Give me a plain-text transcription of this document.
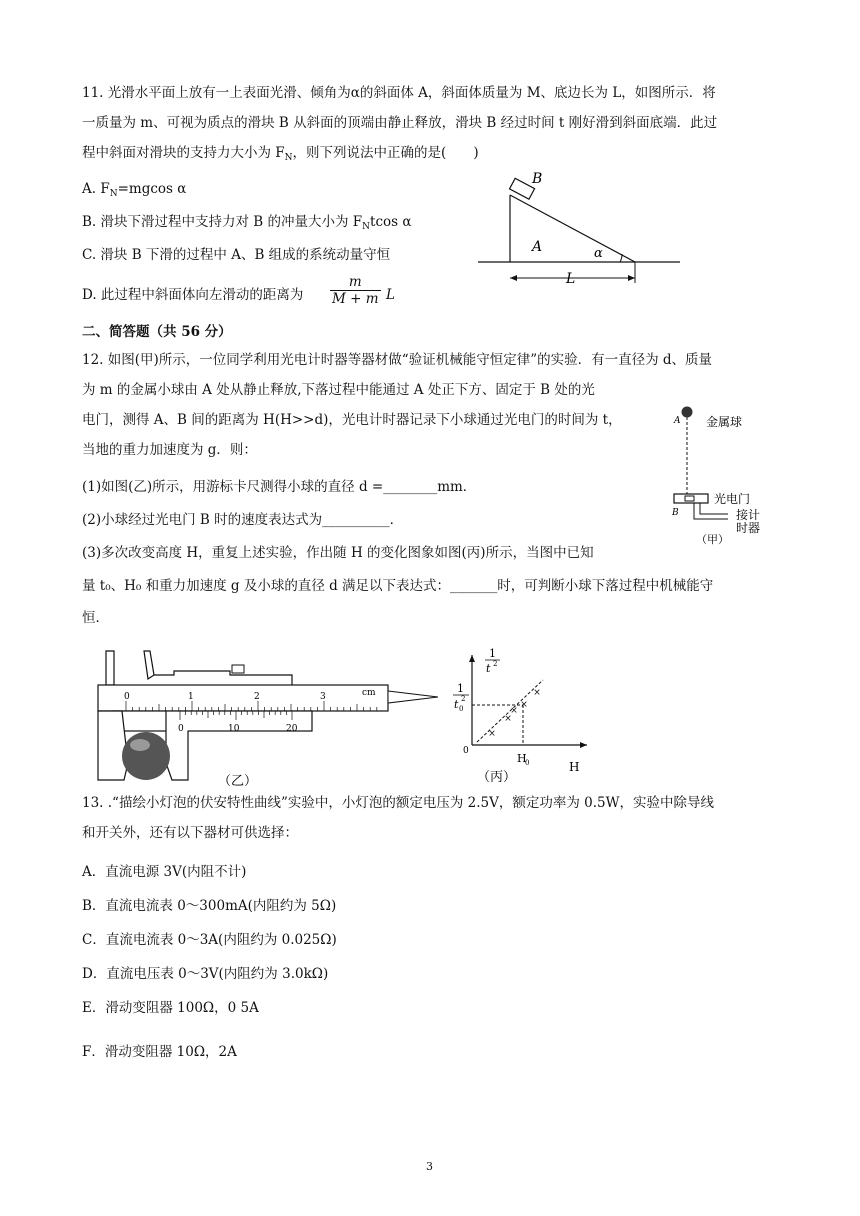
11. 光滑水平面上放有一上表面光滑、倾角为α的斜面体 A，斜面体质量为 M、底边长为 L，如图所示．将
一质量为 m、可视为质点的滑块 B 从斜面的顶端由静止释放，滑块 B 经过时间 t 刚好滑到斜面底端．此过
程中斜面对滑块的支持力大小为 $F_N$，则下列说法中正确的是(　　)
A. $F_N=mgcos$ α
B. 滑块下滑过程中支持力对 B 的冲量大小为 $F_Ntcos$ α
C. 滑块 B 下滑的过程中 A、B 组成的系统动量守恒
D. 此过程中斜面体向左滑动的距离为 $\frac{m}{M + m}$ L
B
A	α
L
二、简答题（共 56 分）
12. 如图(甲)所示，一位同学利用光电计时器等器材做“验证机械能守恒定律”的实验．有一直径为 d、质量
为 m 的金属小球由 A 处从静止释放,下落过程中能通过 A 处正下方、固定于 B 处的光
电门，测得 A、B 间的距离为 H(H>>d)，光电计时器记录下小球通过光电门的时间为 t，
当地的重力加速度为 g．则：
(1)如图(乙)所示，用游标卡尺测得小球的直径 d =________mm．
(2)小球经过光电门 B 时的速度表达式为__________．
(3)多次改变高度 H，重复上述实验，作出随 H 的变化图象如图(丙)所示，当图中已知
量 t₀、H₀ 和重力加速度 g 及小球的直径 d 满足以下表达式：_______时，可判断小球下落过程中机械能守
恒．
A 金属球
光电门
B	接计
时器
（甲）
0	1	2	3	cm
0	10	20
（乙）
×
×
×
×
×
1
t 2
1
t 0
2
0
H
0	H
（丙）
13. .“描绘小灯泡的伏安特性曲线”实验中，小灯泡的额定电压为 2.5V，额定功率为 0.5W，实验中除导线
和开关外，还有以下器材可供选择：
A．直流电源 3V(内阻不计)
B．直流电流表 0～300mA(内阻约为 5Ω)
C．直流电流表 0～3A(内阻约为 0.025Ω)
D．直流电压表 0～3V(内阻约为 3.0kΩ)
E．滑动变阻器 100Ω，0 5A
F．滑动变阻器 10Ω，2A
3
